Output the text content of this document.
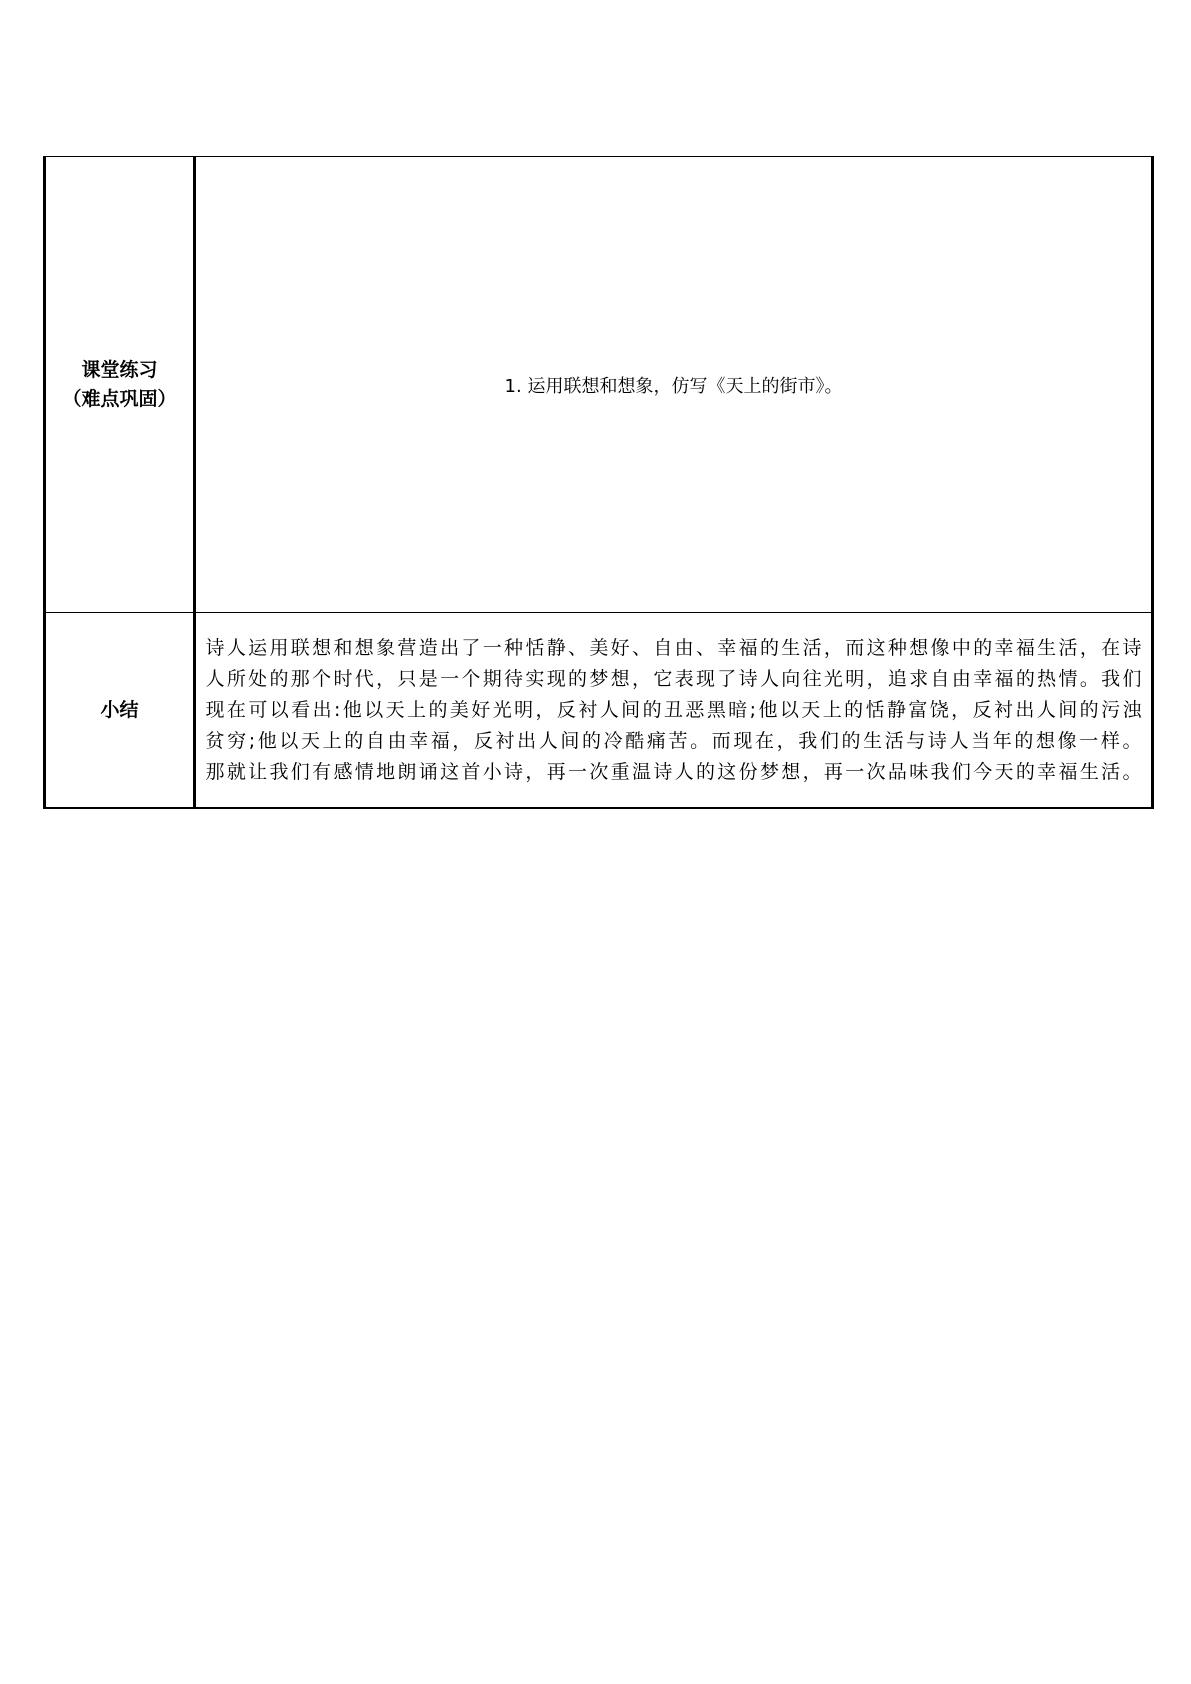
课堂练习
（难点巩固）
1. 运用联想和想象，仿写《天上的街市》。
小结
诗人运用联想和想象营造出了一种恬静、美好、自由、幸福的生活，而这种想像中的幸福生活，在诗
人所处的那个时代，只是一个期待实现的梦想，它表现了诗人向往光明，追求自由幸福的热情。我们
现在可以看出:他以天上的美好光明，反衬人间的丑恶黑暗;他以天上的恬静富饶，反衬出人间的污浊
贫穷;他以天上的自由幸福，反衬出人间的冷酷痛苦。而现在，我们的生活与诗人当年的想像一样。
那就让我们有感情地朗诵这首小诗，再一次重温诗人的这份梦想，再一次品味我们今天的幸福生活。
